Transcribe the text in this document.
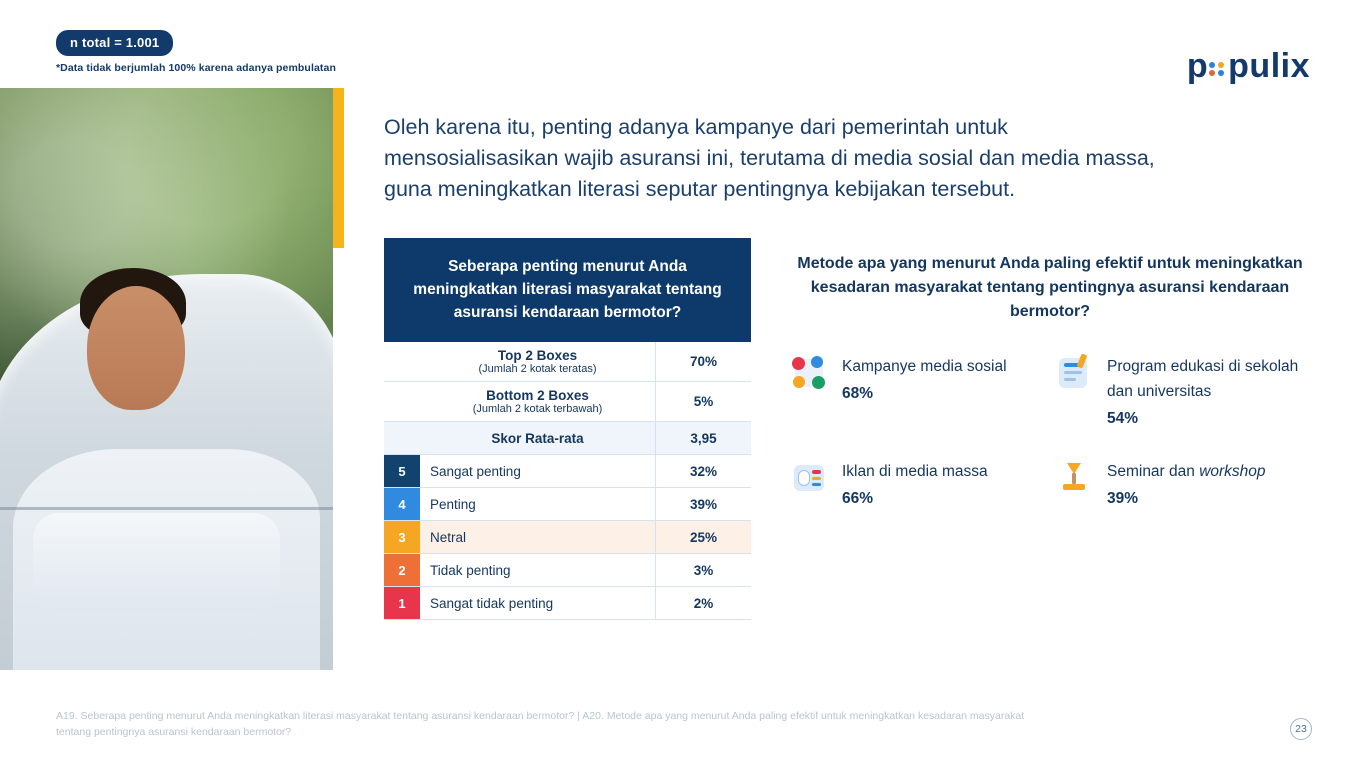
n total = 1.001
*Data tidak berjumlah 100% karena adanya pembulatan	p pulix
Oleh karena itu, penting adanya kampanye dari pemerintah untuk mensosialisasikan wajib asuransi ini, terutama di media sosial dan media massa, guna meningkatkan literasi seputar pentingnya kebijakan tersebut.
Seberapa penting menurut Anda meningkatkan literasi masyarakat tentang asuransi kendaraan bermotor?
Top 2 Boxes
(Jumlah 2 kotak teratas)	70%

Bottom 2 Boxes
(Jumlah 2 kotak terbawah)	5%

Skor Rata-rata	3,95

5	Sangat penting	32%

4	Penting	39%

3	Netral	25%

2	Tidak penting	3%

1	Sangat tidak penting	2%
Metode apa yang menurut Anda paling efektif untuk meningkatkan kesadaran masyarakat tentang pentingnya asuransi kendaraan bermotor?
Kampanye media sosial
68%
Program edukasi di sekolah dan universitas
54%
Iklan di media massa
66%
Seminar dan workshop
39%
A19. Seberapa penting menurut Anda meningkatkan literasi masyarakat tentang asuransi kendaraan bermotor? | A20. Metode apa yang menurut Anda paling efektif untuk meningkatkan kesadaran masyarakat tentang pentingnya asuransi kendaraan bermotor?	23
